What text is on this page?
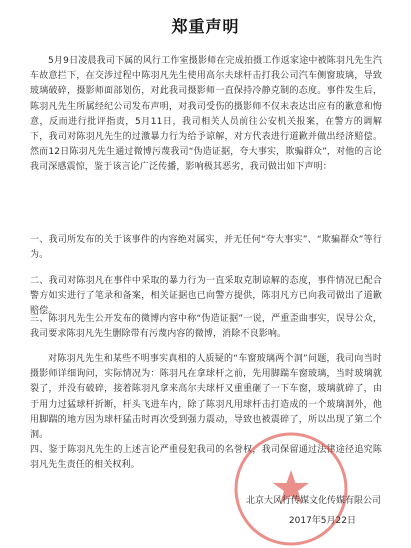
郑重声明

5月9日凌晨我司下属的风行工作室摄影师在完成拍摄工作返家途中被陈羽凡先生汽车故意拦下，在交涉过程中陈羽凡先生使用高尔夫球杆击打我公司汽车侧窗玻璃，导致玻璃破碎，摄影师面部划伤，对此我司摄影师一直保持冷静克制的态度。事件发生后，陈羽凡先生所属经纪公司发布声明，对我司受伤的摄影师不仅未表达出应有的歉意和悔意，反而进行批评指责，5月11日，我司相关人员前往公安机关报案，在警方的调解下，我司对陈羽凡先生的过激暴力行为给予谅解，对方代表进行道歉并做出经济赔偿。然而12日陈羽凡先生通过微博污蔑我司“伪造证据，夸大事实，欺骗群众”，对他的言论我司深感震惊，鉴于该言论广泛传播，影响极其恶劣，我司做出如下声明：

一、我司所发布的关于该事件的内容绝对属实，并无任何“夸大事实”、“欺骗群众”等行为。

二、我司对陈羽凡在事件中采取的暴力行为一直采取克制谅解的态度，事件情况已配合警方如实进行了笔录和备案，相关证据也已向警方提供，陈羽凡方已向我司做出了道歉赔偿。

三、陈羽凡先生公开发布的微博内容中称“伪造证据”一说，严重歪曲事实，误导公众，我司要求陈羽凡先生删除带有污蔑内容的微博，消除不良影响。

对陈羽凡先生和某些不明事实真相的人质疑的“车窗玻璃两个洞”问题，我司向当时摄影师详细询问，实际情况为：陈羽凡在拿球杆之前，先用脚踹车窗玻璃，当时玻璃就裂了，并没有破碎，接着陈羽凡拿来高尔夫球杆又重重砸了一下车窗，玻璃就碎了，由于用力过猛球杆折断，杆头飞进车内，除了陈羽凡用球杆击打造成的一个玻璃洞外，他用脚踹的地方因为球杆猛击时再次受到强力震动，导致也被震碎了，所以出现了第二个洞。

四、鉴于陈羽凡先生的上述言论严重侵犯我司的名誉权，我司保留通过法律途径追究陈羽凡先生责任的相关权利。

北京大风行传媒文化传媒有限公司
2017年5月22日
